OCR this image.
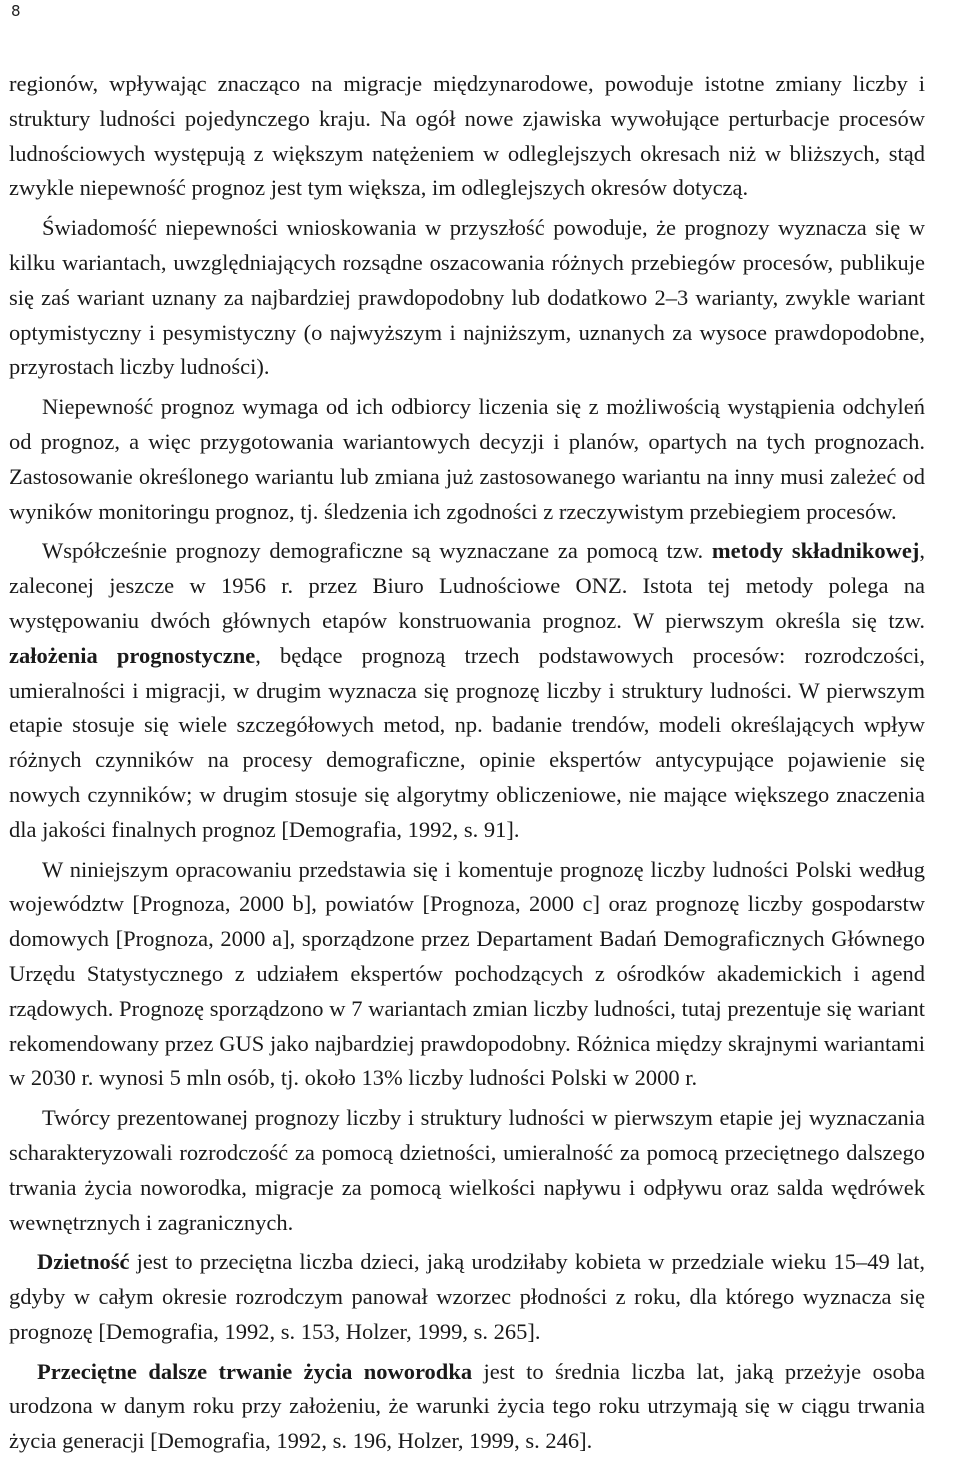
8

regionów, wpływając znacząco na migracje międzynarodowe, powoduje istotne zmiany liczby i struktury ludności pojedynczego kraju. Na ogół nowe zjawiska wywołujące perturbacje procesów ludnościowych występują z większym natężeniem w odleglejszych okresach niż w bliższych, stąd zwykle niepewność prognoz jest tym większa, im odleglejszych okresów dotyczą.

Świadomość niepewności wnioskowania w przyszłość powoduje, że prognozy wyznacza się w kilku wariantach, uwzględniających rozsądne oszacowania różnych przebiegów procesów, publikuje się zaś wariant uznany za najbardziej prawdopodobny lub dodatkowo 2–3 warianty, zwykle wariant optymistyczny i pesymistyczny (o najwyższym i najniższym, uznanych za wysoce prawdopodobne, przyrostach liczby ludności).

Niepewność prognoz wymaga od ich odbiorcy liczenia się z możliwością wystąpienia odchyleń od prognoz, a więc przygotowania wariantowych decyzji i planów, opartych na tych prognozach. Zastosowanie określonego wariantu lub zmiana już zastosowanego wariantu na inny musi zależeć od wyników monitoringu prognoz, tj. śledzenia ich zgodności z rzeczywistym przebiegiem procesów.

Współcześnie prognozy demograficzne są wyznaczane za pomocą tzw. metody składnikowej, zaleconej jeszcze w 1956 r. przez Biuro Ludnościowe ONZ. Istota tej metody polega na występowaniu dwóch głównych etapów konstruowania prognoz. W pierwszym określa się tzw. założenia prognostyczne, będące prognozą trzech podstawowych procesów: rozrodczości, umieralności i migracji, w drugim wyznacza się prognozę liczby i struktury ludności. W pierwszym etapie stosuje się wiele szczegółowych metod, np. badanie trendów, modeli określających wpływ różnych czynników na procesy demograficzne, opinie ekspertów antycypujące pojawienie się nowych czynników; w drugim stosuje się algorytmy obliczeniowe, nie mające większego znaczenia dla jakości finalnych prognoz [Demografia, 1992, s. 91].

W niniejszym opracowaniu przedstawia się i komentuje prognozę liczby ludności Polski według województw [Prognoza, 2000 b], powiatów [Prognoza, 2000 c] oraz prognozę liczby gospodarstw domowych [Prognoza, 2000 a], sporządzone przez Departament Badań Demograficznych Głównego Urzędu Statystycznego z udziałem ekspertów pochodzących z ośrodków akademickich i agend rządowych. Prognozę sporządzono w 7 wariantach zmian liczby ludności, tutaj prezentuje się wariant rekomendowany przez GUS jako najbardziej prawdopodobny. Różnica między skrajnymi wariantami w 2030 r. wynosi 5 mln osób, tj. około 13% liczby ludności Polski w 2000 r.

Twórcy prezentowanej prognozy liczby i struktury ludności w pierwszym etapie jej wyznaczania scharakteryzowali rozrodczość za pomocą dzietności, umieralność za pomocą przeciętnego dalszego trwania życia noworodka, migracje za pomocą wielkości napływu i odpływu oraz salda wędrówek wewnętrznych i zagranicznych.

Dzietność jest to przeciętna liczba dzieci, jaką urodziłaby kobieta w przedziale wieku 15–49 lat, gdyby w całym okresie rozrodczym panował wzorzec płodności z roku, dla którego wyznacza się prognozę [Demografia, 1992, s. 153, Holzer, 1999, s. 265].

Przeciętne dalsze trwanie życia noworodka jest to średnia liczba lat, jaką przeżyje osoba urodzona w danym roku przy założeniu, że warunki życia tego roku utrzymają się w ciągu trwania życia generacji [Demografia, 1992, s. 196, Holzer, 1999, s. 246].
